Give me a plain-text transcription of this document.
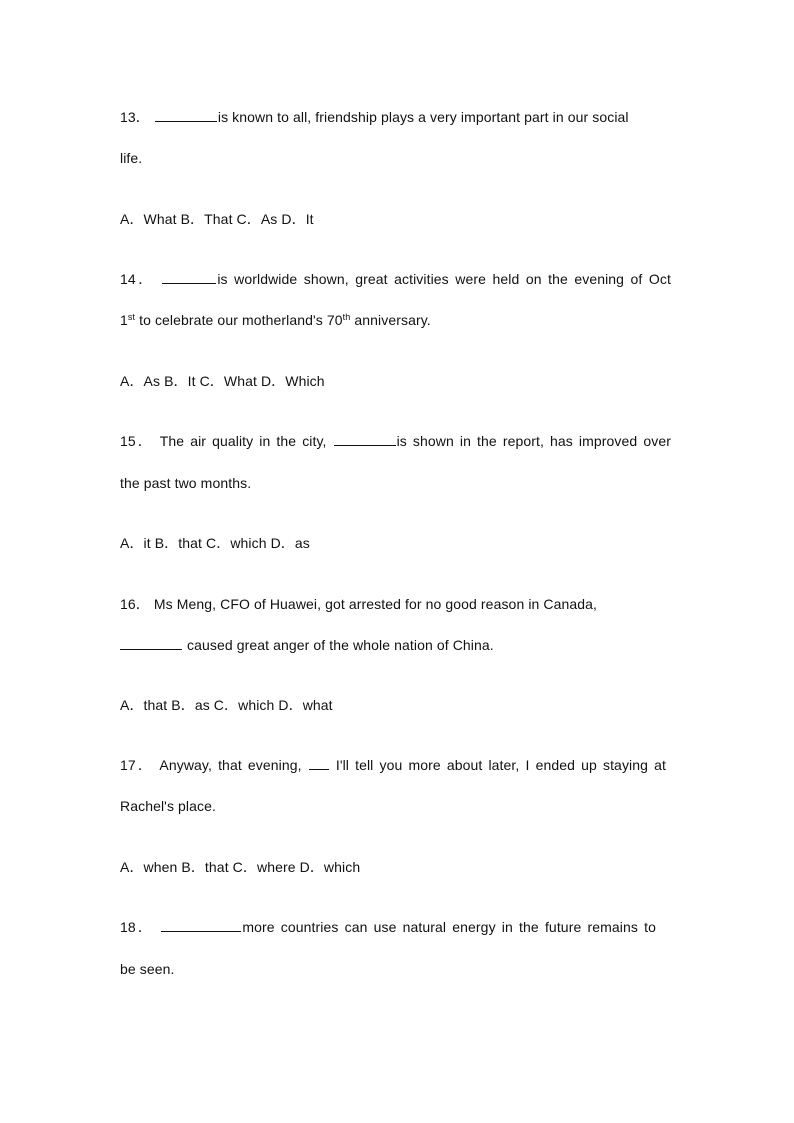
13．	is known to all, friendship plays a very important part in our social
life.
A．What B．That C．As D．It
14．	is worldwide shown, great activities were held on the evening of Oct
1st to celebrate our motherland's 70th anniversary.
A．As B．It C．What D．Which
15． The air quality in the city,	is shown in the report, has improved over
the past two months.
A．it B．that C．which D．as
16． Ms Meng, CFO of Huawei, got arrested for no good reason in Canada,
caused great anger of the whole nation of China.
A．that B．as C．which D．what
17． Anyway, that evening,  I'll tell you more about later, I ended up staying at
Rachel's place.
A．when B．that C．where D．which
18．	more countries can use natural energy in the future remains to
be seen.
